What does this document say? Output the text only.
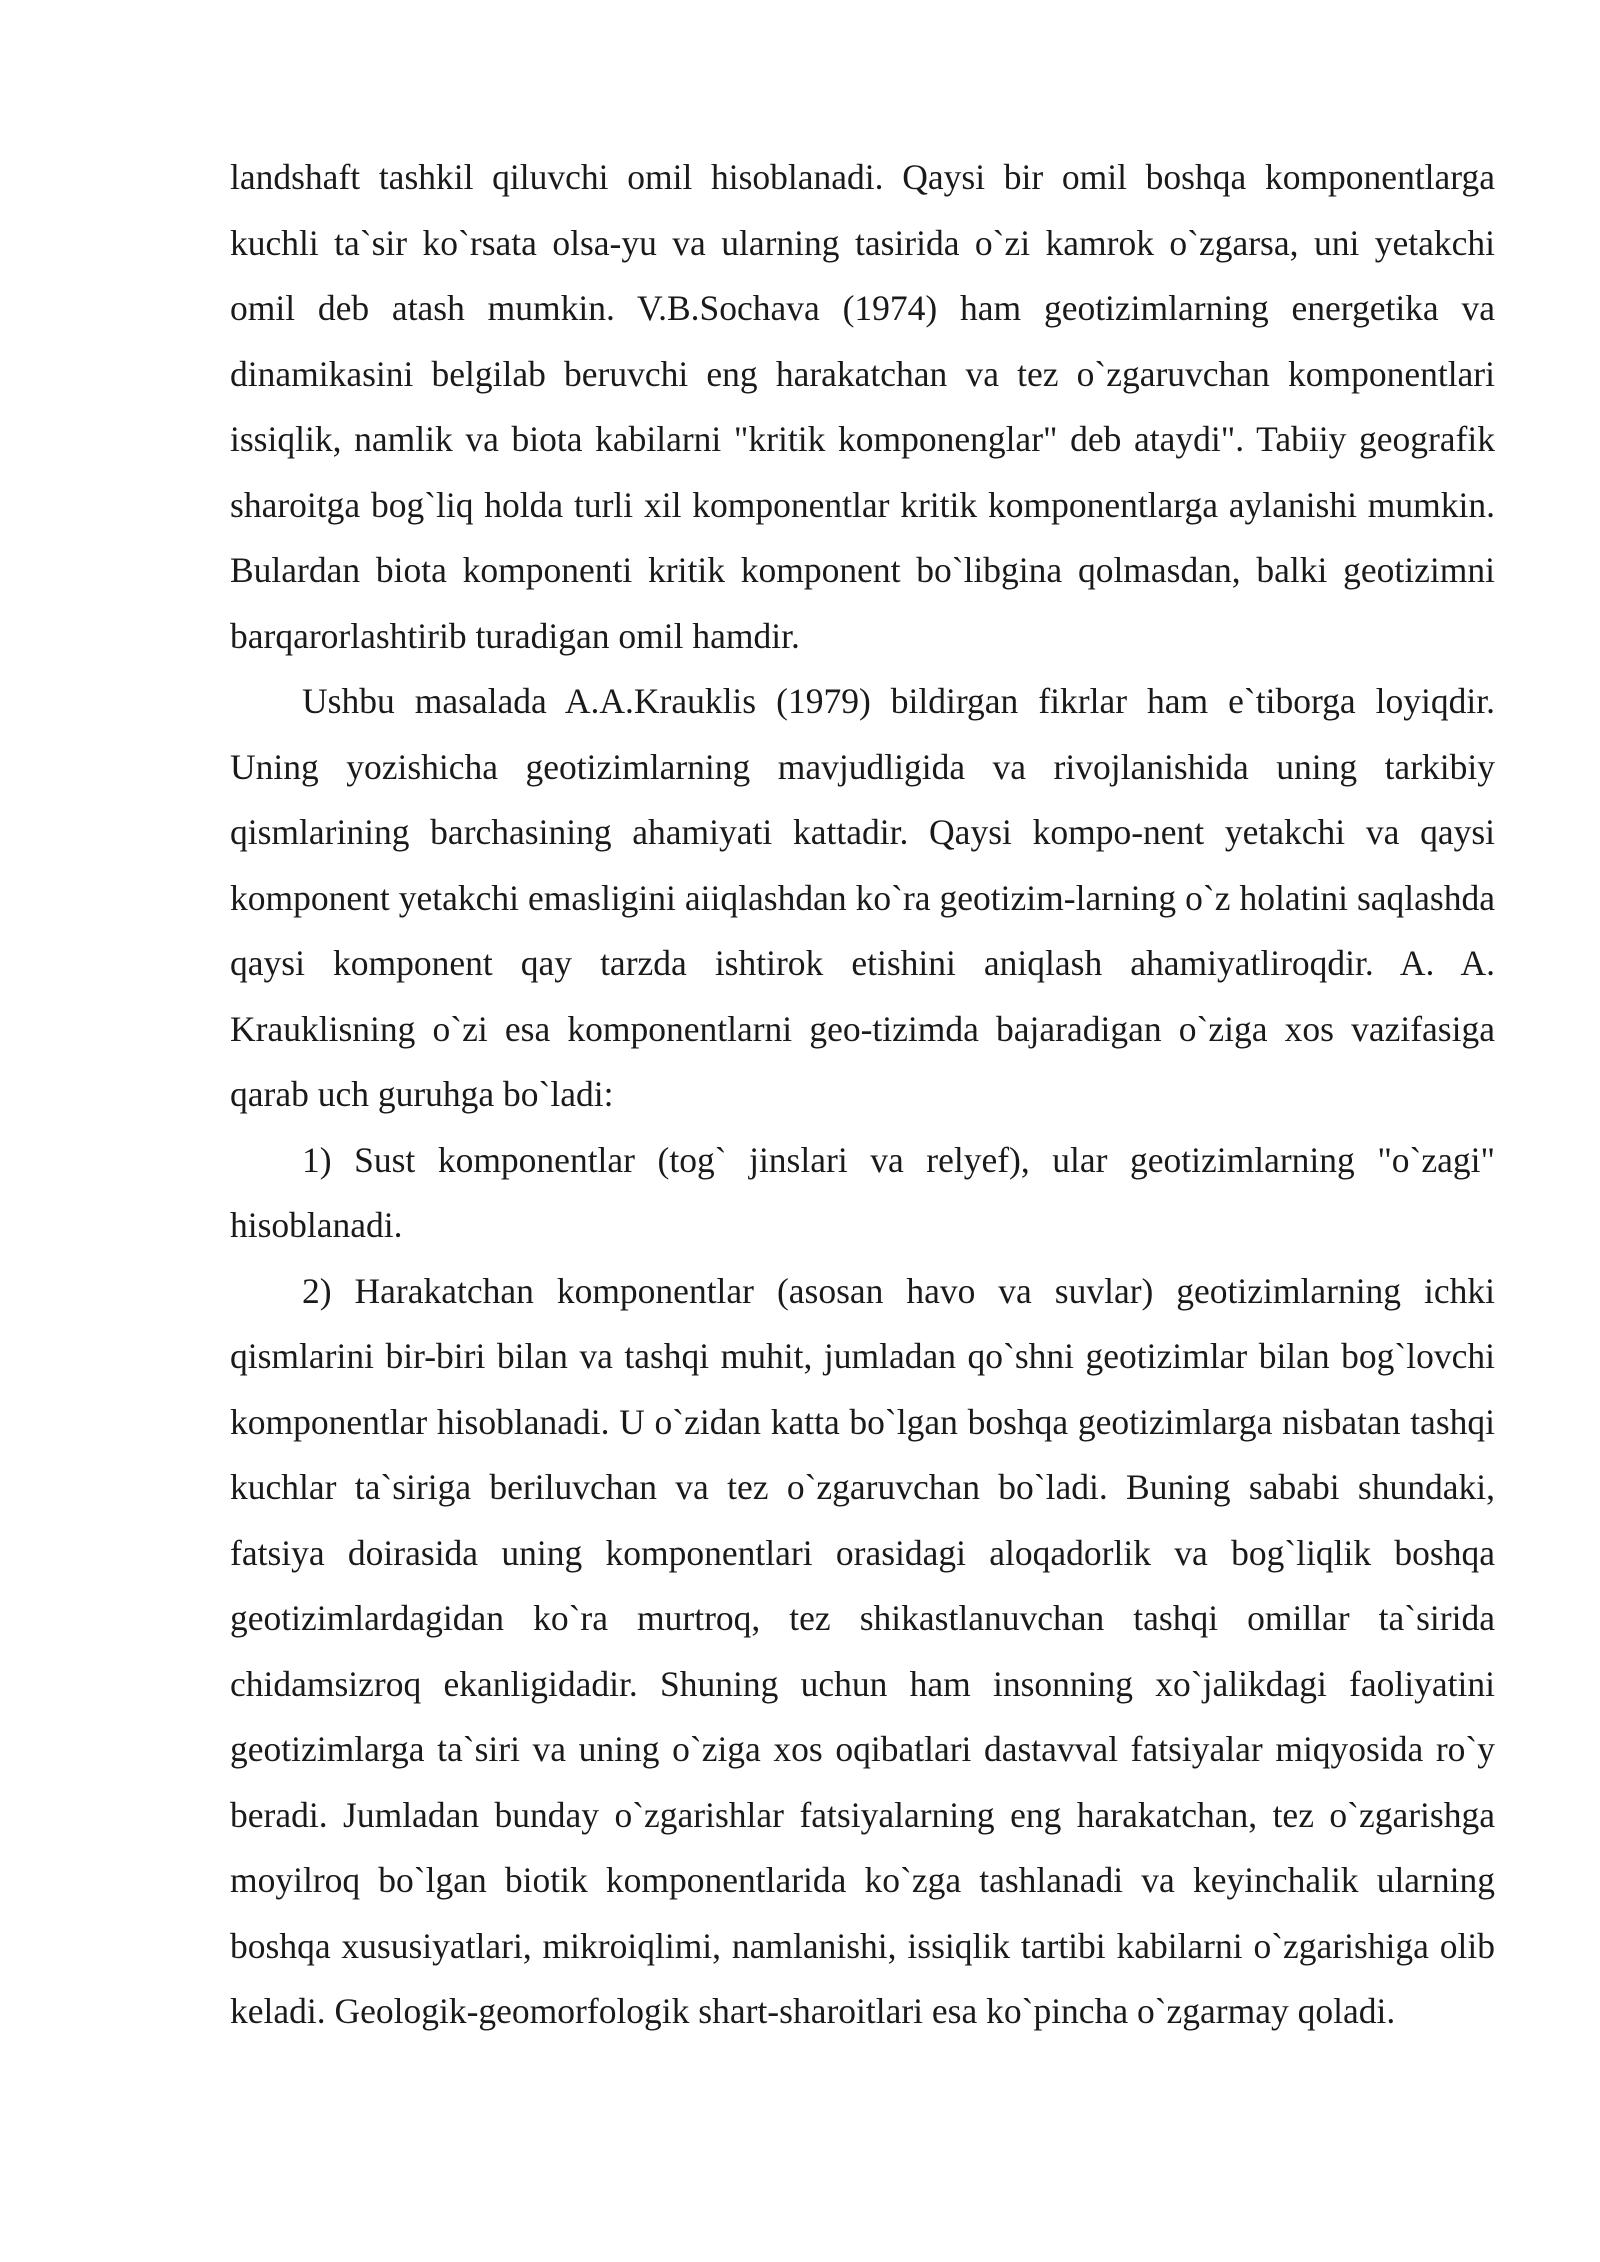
landshaft tashkil qiluvchi omil hisoblanadi. Qaysi bir omil boshqa komponentlarga kuchli ta`sir ko`rsata olsa-yu va ularning tasirida o`zi kamrok o`zgarsa, uni yetakchi omil deb atash mumkin. V.B.Sochava (1974) ham geotizimlarning energetika va dinamikasini belgilab beruvchi eng harakatchan va tez o`zgaruvchan komponentlari issiqlik, namlik va biota kabilarni "kritik komponenglar" deb ataydi". Tabiiy geografik sharoitga bog`liq holda turli xil komponentlar kritik komponentlarga aylanishi mumkin. Bulardan biota komponenti kritik komponent bo`libgina qolmasdan, balki geotizimni barqarorlashtirib turadigan omil hamdir.

Ushbu masalada A.A.Krauklis (1979) bildirgan fikrlar ham e`tiborga loyiqdir. Uning yozishicha geotizimlarning mavjudligida va rivojlanishida uning tarkibiy qismlarining barchasining ahamiyati kattadir. Qaysi kompo-nent yetakchi va qaysi komponent yetakchi emasligini aiiqlashdan ko`ra geotizim-larning o`z holatini saqlashda qaysi komponent qay tarzda ishtirok etishini aniqlash ahamiyatliroqdir. A. A. Krauklisning o`zi esa komponentlarni geo-tizimda bajaradigan o`ziga xos vazifasiga qarab uch guruhga bo`ladi:

1) Sust komponentlar (tog` jinslari va relyef), ular geotizimlarning "o`zagi" hisoblanadi.

2) Harakatchan komponentlar (asosan havo va suvlar) geotizimlarning ichki qismlarini bir-biri bilan va tashqi muhit, jumladan qo`shni geotizimlar bilan bog`lovchi komponentlar hisoblanadi. U o`zidan katta bo`lgan boshqa geotizimlarga nisbatan tashqi kuchlar ta`siriga beriluvchan va tez o`zgaruvchan bo`ladi. Buning sababi shundaki, fatsiya doirasida uning komponentlari orasidagi aloqadorlik va bog`liqlik boshqa geotizimlardagidan ko`ra murtroq, tez shikastlanuvchan tashqi omillar ta`sirida chidamsizroq ekanligidadir. Shuning uchun ham insonning xo`jalikdagi faoliyatini geotizimlarga ta`siri va uning o`ziga xos oqibatlari dastavval fatsiyalar miqyosida ro`y beradi. Jumladan bunday o`zgarishlar fatsiyalarning eng harakatchan, tez o`zgarishga moyilroq bo`lgan biotik komponentlarida ko`zga tashlanadi va keyinchalik ularning boshqa xususiyatlari, mikroiqlimi, namlanishi, issiqlik tartibi kabilarni o`zgarishiga olib keladi. Geologik-geomorfologik shart-sharoitlari esa ko`pincha o`zgarmay qoladi.
